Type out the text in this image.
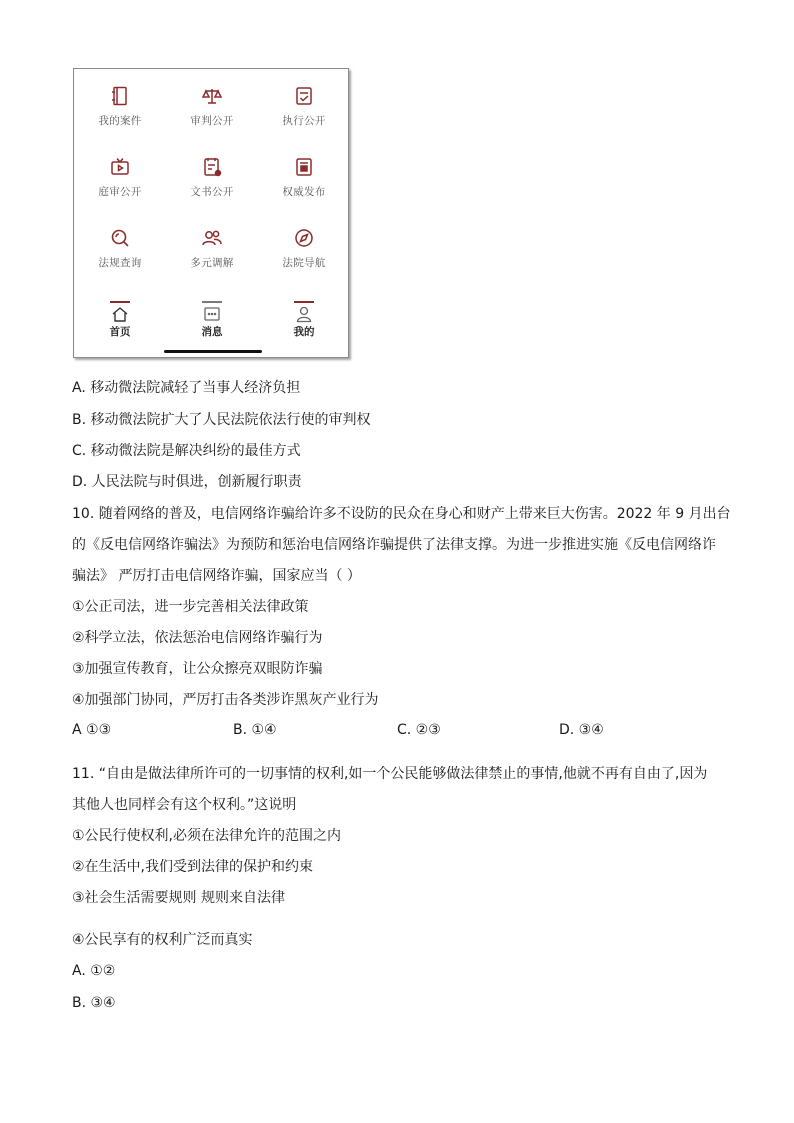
我的案件	审判公开	执行公开
庭审公开	文书公开	权威发布
法规查询	多元调解	法院导航
首页	消息	我的
A. 移动微法院减轻了当事人经济负担
B. 移动微法院扩大了人民法院依法行使的审判权
C. 移动微法院是解决纠纷的最佳方式
D. 人民法院与时俱进，创新履行职责
10. 随着网络的普及，电信网络诈骗给许多不设防的民众在身心和财产上带来巨大伤害。2022 年 9 月出台
的《反电信网络诈骗法》为预防和惩治电信网络诈骗提供了法律支撑。为进一步推进实施《反电信网络诈
骗法》 严厉打击电信网络诈骗，国家应当（ ）
①公正司法，进一步完善相关法律政策
②科学立法，依法惩治电信网络诈骗行为
③加强宣传教育，让公众擦亮双眼防诈骗
④加强部门协同，严厉打击各类涉诈黑灰产业行为
A ①③	B. ①④	C. ②③	D. ③④
11. “自由是做法律所许可的一切事情的权利,如一个公民能够做法律禁止的事情,他就不再有自由了,因为
其他人也同样会有这个权利。”这说明
①公民行使权利,必须在法律允许的范围之内
②在生活中,我们受到法律的保护和约束
③社会生活需要规则 规则来自法律
④公民享有的权利广泛而真实
A. ①②
B. ③④
